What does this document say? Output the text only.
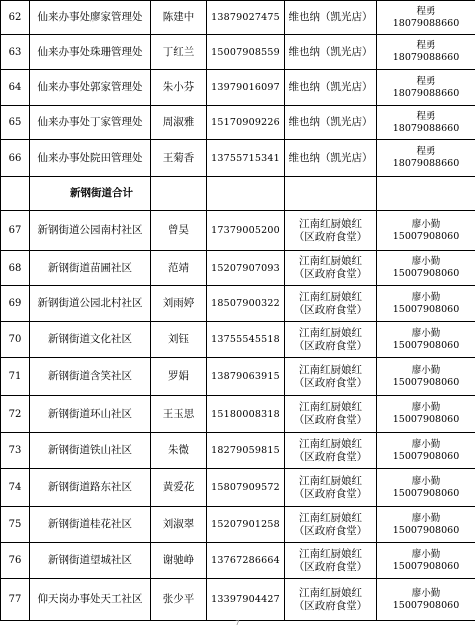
62	仙来办事处廖家管理处	陈建中	13879027475	维也纳（凯光店）	程勇
18079088660
63	仙来办事处珠珊管理处	丁红兰	15007908559	维也纳（凯光店）	程勇
18079088660
64	仙来办事处郭家管理处	朱小芬	13979016097	维也纳（凯光店）	程勇
18079088660
65	仙来办事处丁家管理处	周淑雅	15170909226	维也纳（凯光店）	程勇
18079088660
66	仙来办事处院田管理处	王菊香	13755715341	维也纳（凯光店）	程勇
18079088660
	新钢街道合计				
67	新钢街道公园南村社区	曾昊	17379005200	江南红厨娘红
（区政府食堂）	廖小勤
15007908060
68	新钢街道苗圃社区	范靖	15207907093	江南红厨娘红
（区政府食堂）	廖小勤
15007908060
69	新钢街道公园北村社区	刘雨婷	18507900322	江南红厨娘红
（区政府食堂）	廖小勤
15007908060
70	新钢街道文化社区	刘钰	13755545518	江南红厨娘红
（区政府食堂）	廖小勤
15007908060
71	新钢街道含笑社区	罗娟	13879063915	江南红厨娘红
（区政府食堂）	廖小勤
15007908060
72	新钢街道环山社区	王玉思	15180008318	江南红厨娘红
（区政府食堂）	廖小勤
15007908060
73	新钢街道铁山社区	朱微	18279059815	江南红厨娘红
（区政府食堂）	廖小勤
15007908060
74	新钢街道路东社区	黄爱花	15807909572	江南红厨娘红
（区政府食堂）	廖小勤
15007908060
75	新钢街道桂花社区	刘淑翠	15207901258	江南红厨娘红
（区政府食堂）	廖小勤
15007908060
76	新钢街道望城社区	谢驰峥	13767286664	江南红厨娘红
（区政府食堂）	廖小勤
15007908060
77	仰天岗办事处天工社区	张少平	13397904427	江南红厨娘红
（区政府食堂）	廖小勤
15007908060
7
